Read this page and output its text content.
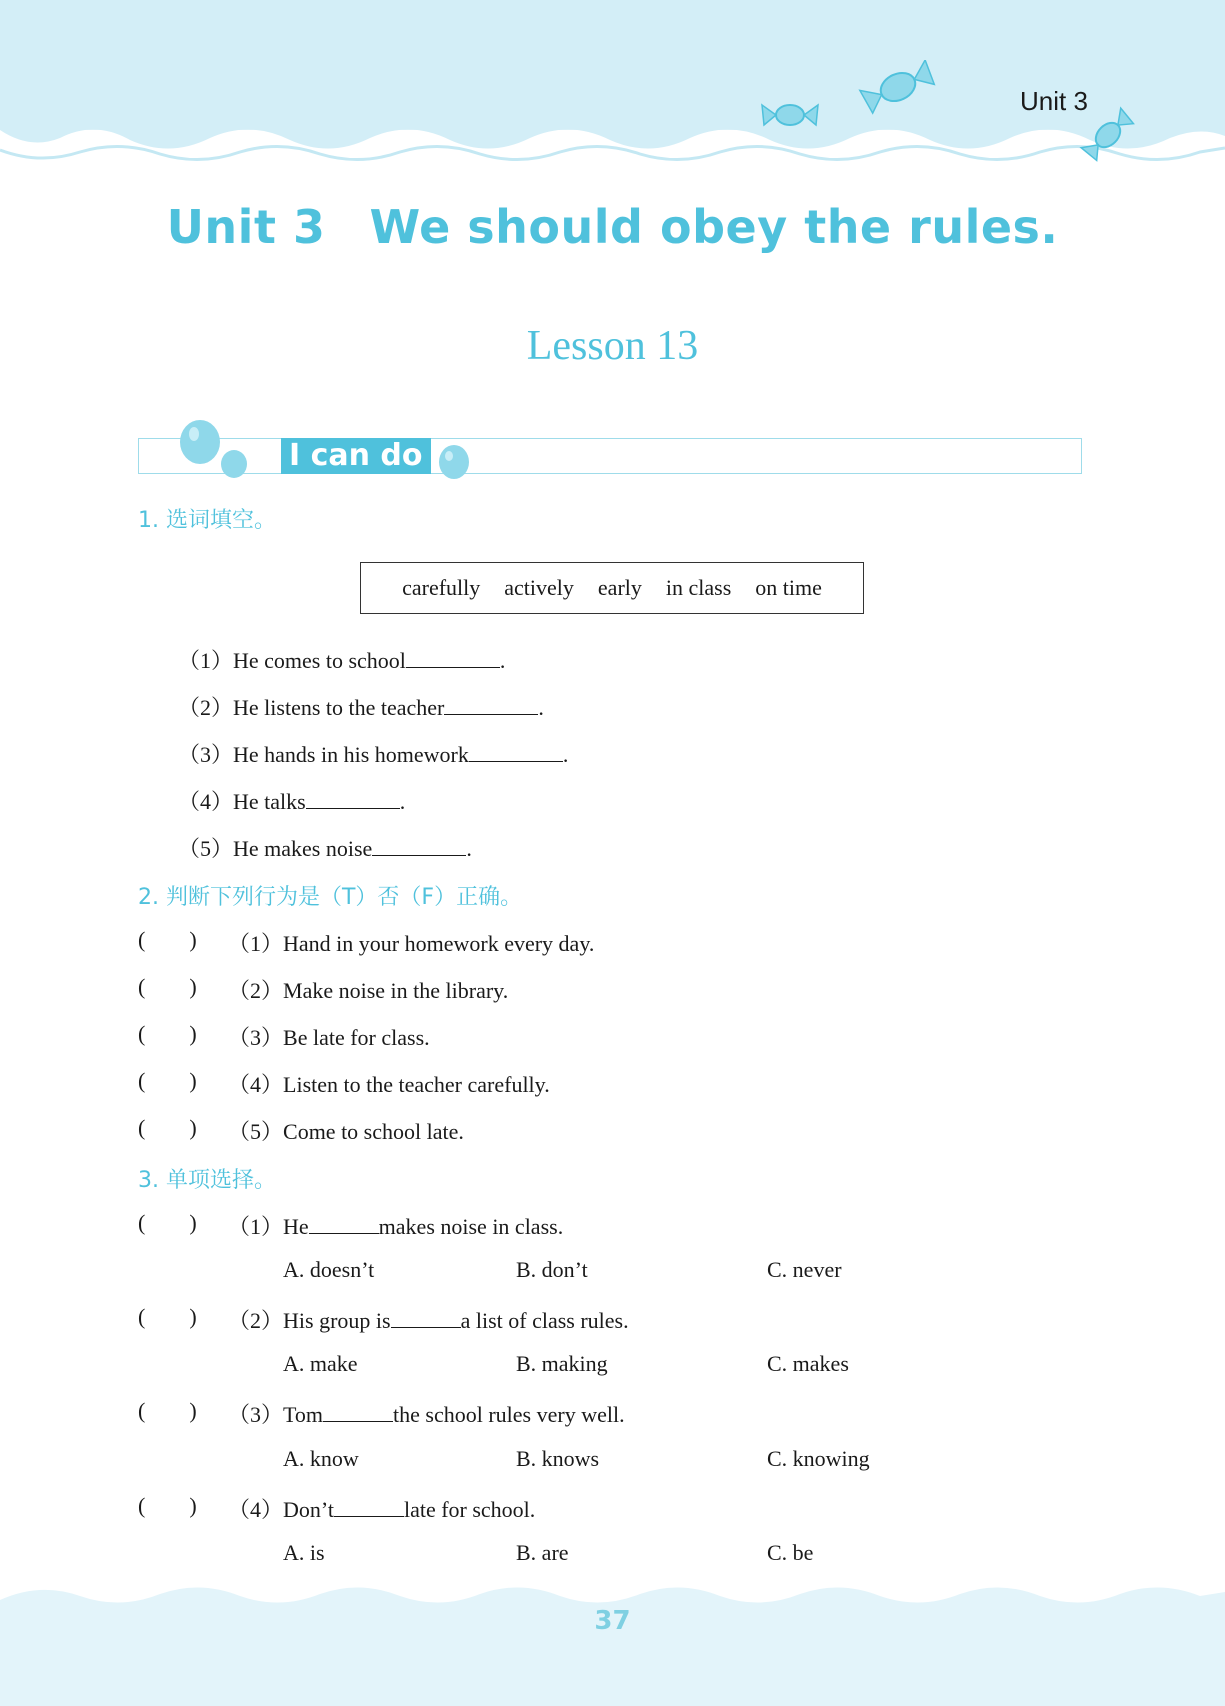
Unit 3
Unit 3 We should obey the rules.
Lesson 13
I can do
1. 选词填空。
carefully actively early in class on time
（1）He comes to school	.
（2）He listens to the teacher	.
（3）He hands in his homework	.
（4）He talks	.
（5）He makes noise	.
2. 判断下列行为是（T）否（F）正确。
(        ) （1）Hand in your homework every day.
(        ) （2）Make noise in the library.
(        ) （3）Be late for class.
(        ) （4）Listen to the teacher carefully.
(        ) （5）Come to school late.
3. 单项选择。
(        ) （1）He	makes noise in class.
A. doesn’t	B. don’t	C. never
(        ) （2）His group is	a list of class rules.
A. make	B. making	C. makes
(        ) （3）Tom	the school rules very well.
A. know	B. knows	C. knowing
(        ) （4）Don’t	late for school.
A. is	B. are	C. be
37
